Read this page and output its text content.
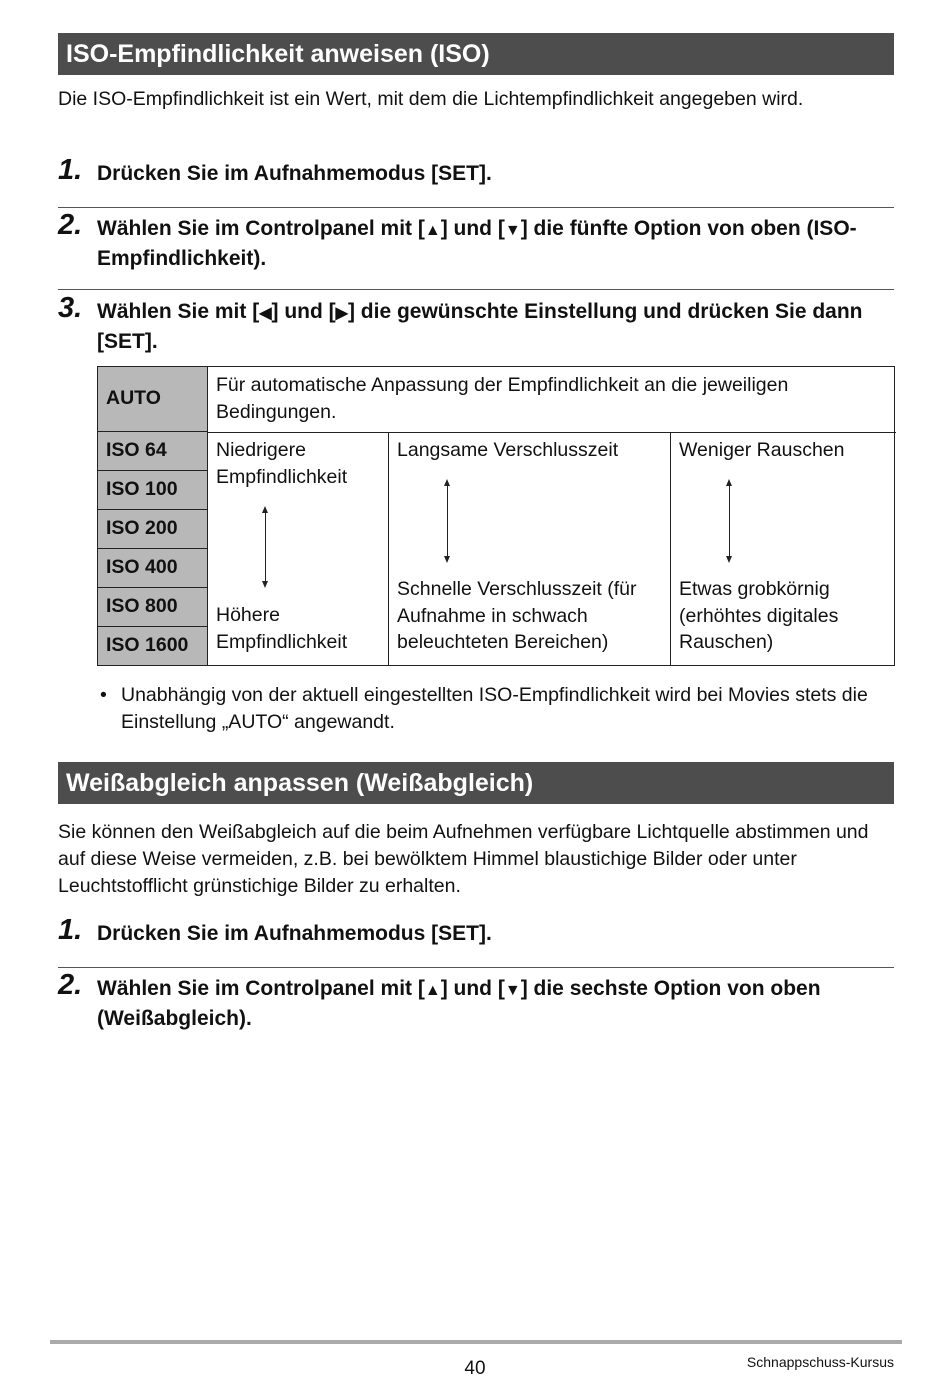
ISO-Empfindlichkeit anweisen (ISO)
Die ISO-Empfindlichkeit ist ein Wert, mit dem die Lichtempfindlichkeit angegeben wird.
1. Drücken Sie im Aufnahmemodus [SET].
2. Wählen Sie im Controlpanel mit [▲] und [▼] die fünfte Option von oben (ISO-Empfindlichkeit).
3. Wählen Sie mit [◀] und [▶] die gewünschte Einstellung und drücken Sie dann [SET].
AUTO
Für automatische Anpassung der Empfindlichkeit an die jeweiligen Bedingungen.
ISO 64
ISO 100
ISO 200
ISO 400
ISO 800
ISO 1600
Niedrigere Empfindlichkeit
Höhere Empfindlichkeit
Langsame Verschlusszeit
Schnelle Verschlusszeit (für Aufnahme in schwach beleuchteten Bereichen)
Weniger Rauschen
Etwas grobkörnig (erhöhtes digitales Rauschen)
• Unabhängig von der aktuell eingestellten ISO-Empfindlichkeit wird bei Movies stets die Einstellung „AUTO“ angewandt.
Weißabgleich anpassen (Weißabgleich)
Sie können den Weißabgleich auf die beim Aufnehmen verfügbare Lichtquelle abstimmen und auf diese Weise vermeiden, z.B. bei bewölktem Himmel blaustichige Bilder oder unter Leuchtstofflicht grünstichige Bilder zu erhalten.
1. Drücken Sie im Aufnahmemodus [SET].
2. Wählen Sie im Controlpanel mit [▲] und [▼] die sechste Option von oben (Weißabgleich).
40	Schnappschuss-Kursus
